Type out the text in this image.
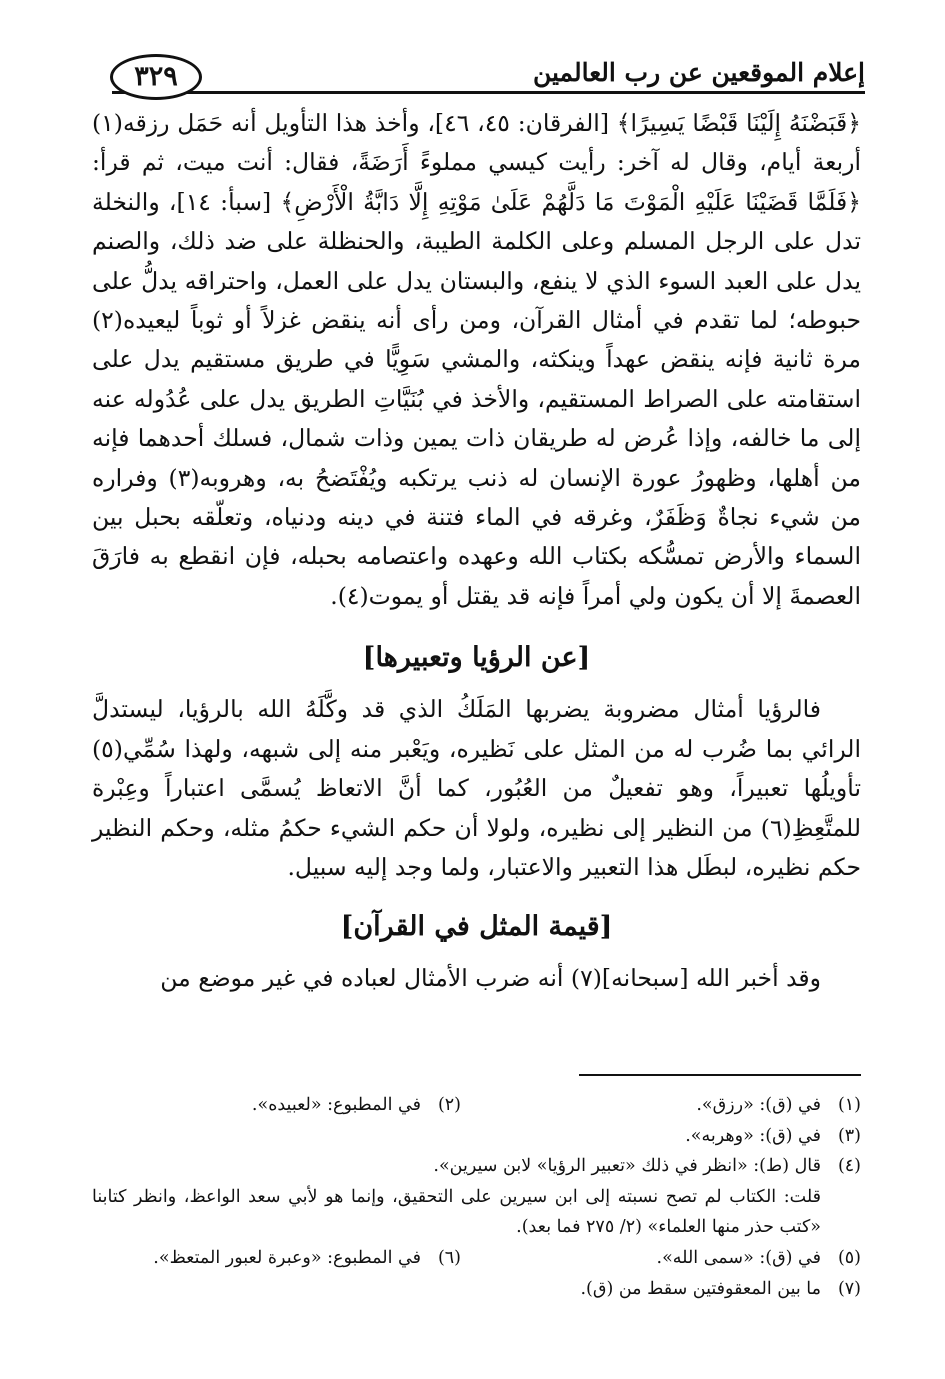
إعلام الموقعين عن رب العالمين
٣٢٩

﴿قَبَضْنَهُ إِلَيْنَا قَبْضًا يَسِيرًا﴾ [الفرقان: ٤٥، ٤٦]، وأخذ هذا التأويل أنه حَمَل رزقه(١) أربعة أيام، وقال له آخر: رأيت كيسي مملوءً أَرَضَةً، فقال: أنت ميت، ثم قرأ: ﴿فَلَمَّا قَضَيْنَا عَلَيْهِ الْمَوْتَ مَا دَلَّهُمْ عَلَىٰ مَوْتِهِ إِلَّا دَابَّةُ الْأَرْضِ﴾ [سبأ: ١٤]، والنخلة تدل على الرجل المسلم وعلى الكلمة الطيبة، والحنظلة على ضد ذلك، والصنم يدل على العبد السوء الذي لا ينفع، والبستان يدل على العمل، واحتراقه يدلُّ على حبوطه؛ لما تقدم في أمثال القرآن، ومن رأى أنه ينقض غزلاً أو ثوباً ليعيده(٢) مرة ثانية فإنه ينقض عهداً وينكثه، والمشي سَوِيًّا في طريق مستقيم يدل على استقامته على الصراط المستقيم، والأخذ في بُنَيَّاتِ الطريق يدل على عُدُوله عنه إلى ما خالفه، وإذا عُرض له طريقان ذات يمين وذات شمال، فسلك أحدهما فإنه من أهلها، وظهورُ عورة الإنسان له ذنب يرتكبه ويُفْتَضحُ به، وهروبه(٣) وفراره من شيء نجاةٌ وَظَفَرٌ، وغرقه في الماء فتنة في دينه ودنياه، وتعلّقه بحبل بين السماء والأرض تمسُّكه بكتاب الله وعهده واعتصامه بحبله، فإن انقطع به فارَقَ العصمةَ إلا أن يكون ولي أمراً فإنه قد يقتل أو يموت(٤).

[عن الرؤيا وتعبيرها]

فالرؤيا أمثال مضروبة يضربها المَلَكُ الذي قد وكَّلَهُ الله بالرؤيا، ليستدلَّ الرائي بما ضُرب له من المثل على نَظيره، ويَعْبر منه إلى شبهه، ولهذا سُمِّي(٥) تأويلُها تعبيراً، وهو تفعيلٌ من العُبُور، كما أنَّ الاتعاظ يُسمَّى اعتباراً وعِبْرة للمتَّعِظِ(٦) من النظير إلى نظيره، ولولا أن حكم الشيء حكمُ مثله، وحكم النظير حكم نظيره، لبطَل هذا التعبير والاعتبار، ولما وجد إليه سبيل.

[قيمة المثل في القرآن]

وقد أخبر الله [سبحانه](٧) أنه ضرب الأمثال لعباده في غير موضع من

(١)
في (ق): «رزق».
(٢)
في المطبوع: «لعبيده».
(٣)
في (ق): «وهربه».
(٤)
قال (ط): «انظر في ذلك «تعبير الرؤيا» لابن سيرين».
قلت: الكتاب لم تصح نسبته إلى ابن سيرين على التحقيق، وإنما هو لأبي سعد الواعظ، وانظر كتابنا «كتب حذر منها العلماء» (٢/ ٢٧٥ فما بعد).
(٥)
في (ق): «سمى الله».
(٦)
في المطبوع: «وعبرة لعبور المتعظ».
(٧)
ما بين المعقوفتين سقط من (ق).
